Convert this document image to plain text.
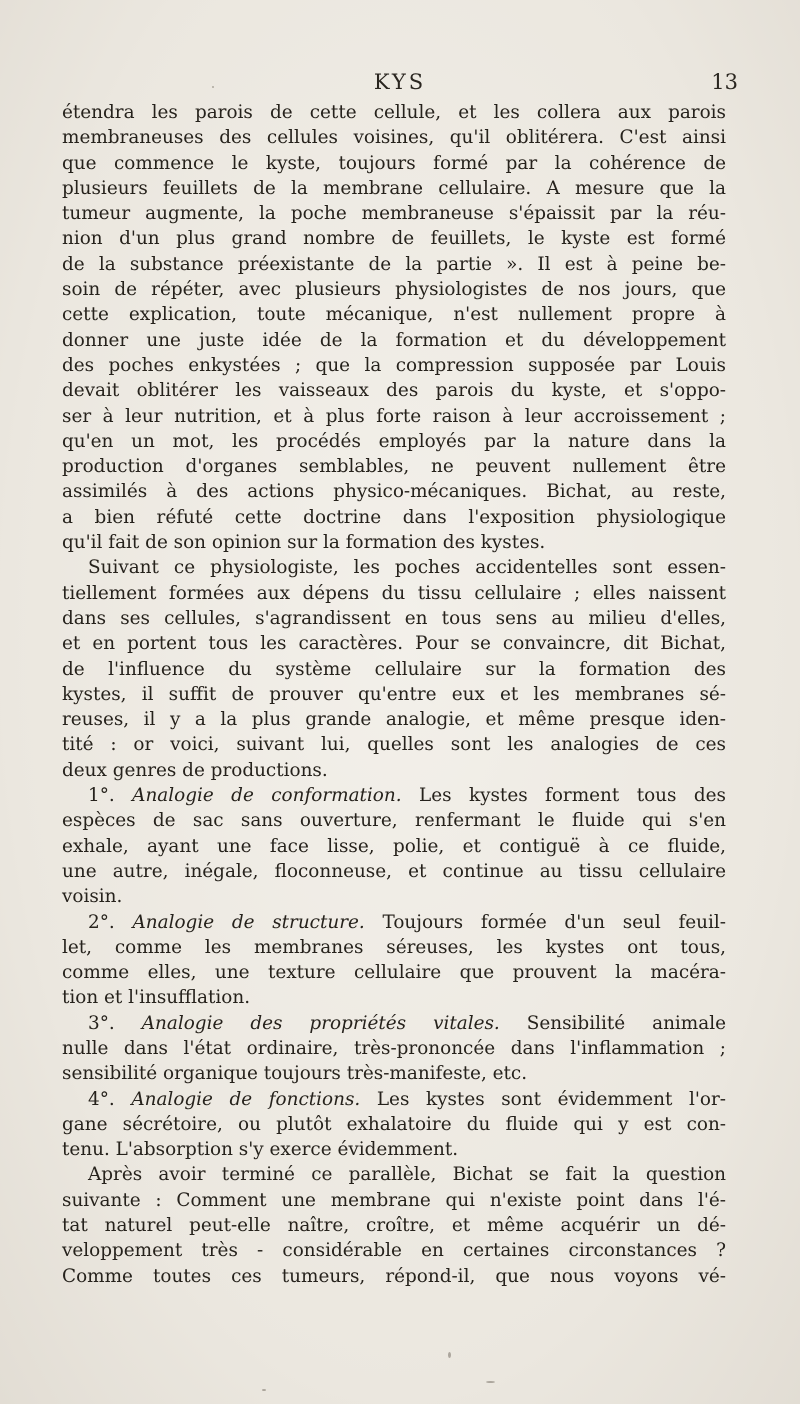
KYS	13
étendra les parois de cette cellule, et les collera aux parois
membraneuses des cellules voisines, qu'il oblitérera. C'est ainsi
que commence le kyste, toujours formé par la cohérence de
plusieurs feuillets de la membrane cellulaire. A mesure que la
tumeur augmente, la poche membraneuse s'épaissit par la réu-
nion d'un plus grand nombre de feuillets, le kyste est formé
de la substance préexistante de la partie ». Il est à peine be-
soin de répéter, avec plusieurs physiologistes de nos jours, que
cette explication, toute mécanique, n'est nullement propre à
donner une juste idée de la formation et du développement
des poches enkystées ; que la compression supposée par Louis
devait oblitérer les vaisseaux des parois du kyste, et s'oppo-
ser à leur nutrition, et à plus forte raison à leur accroissement ;
qu'en un mot, les procédés employés par la nature dans la
production d'organes semblables, ne peuvent nullement être
assimilés à des actions physico-mécaniques. Bichat, au reste,
a bien réfuté cette doctrine dans l'exposition physiologique
qu'il fait de son opinion sur la formation des kystes.
Suivant ce physiologiste, les poches accidentelles sont essen-
tiellement formées aux dépens du tissu cellulaire ; elles naissent
dans ses cellules, s'agrandissent en tous sens au milieu d'elles,
et en portent tous les caractères. Pour se convaincre, dit Bichat,
de l'influence du système cellulaire sur la formation des
kystes, il suffit de prouver qu'entre eux et les membranes sé-
reuses, il y a la plus grande analogie, et même presque iden-
tité : or voici, suivant lui, quelles sont les analogies de ces
deux genres de productions.
1°. Analogie de conformation. Les kystes forment tous des
espèces de sac sans ouverture, renfermant le fluide qui s'en
exhale, ayant une face lisse, polie, et contiguë à ce fluide,
une autre, inégale, floconneuse, et continue au tissu cellulaire
voisin.
2°. Analogie de structure. Toujours formée d'un seul feuil-
let, comme les membranes séreuses, les kystes ont tous,
comme elles, une texture cellulaire que prouvent la macéra-
tion et l'insufflation.
3°. Analogie des propriétés vitales. Sensibilité animale
nulle dans l'état ordinaire, très-prononcée dans l'inflammation ;
sensibilité organique toujours très-manifeste, etc.
4°. Analogie de fonctions. Les kystes sont évidemment l'or-
gane sécrétoire, ou plutôt exhalatoire du fluide qui y est con-
tenu. L'absorption s'y exerce évidemment.
Après avoir terminé ce parallèle, Bichat se fait la question
suivante : Comment une membrane qui n'existe point dans l'é-
tat naturel peut-elle naître, croître, et même acquérir un dé-
veloppement très - considérable en certaines circonstances ?
Comme toutes ces tumeurs, répond-il, que nous voyons vé-
